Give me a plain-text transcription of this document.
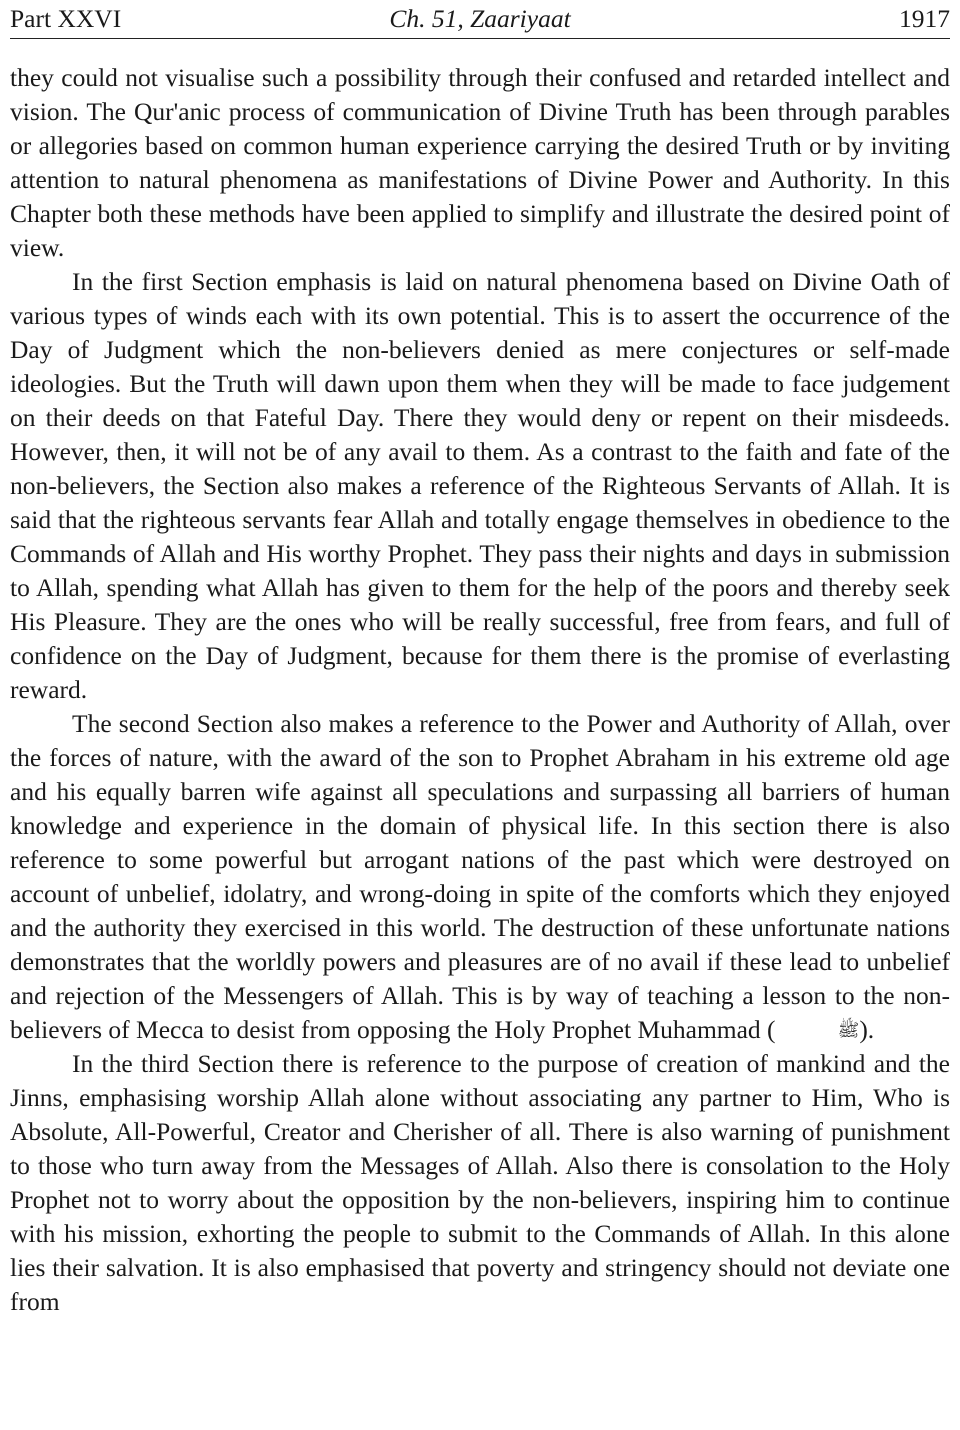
Part XXVI	Ch. 51, Zaariyaat	1917

they could not visualise such a possibility through their confused and retarded intellect and vision. The Qur'anic process of communication of Divine Truth has been through parables or allegories based on common human experience carrying the desired Truth or by inviting attention to natural phenomena as manifestations of Divine Power and Authority. In this Chapter both these methods have been applied to simplify and illustrate the desired point of view.

In the first Section emphasis is laid on natural phenomena based on Divine Oath of various types of winds each with its own potential. This is to assert the occurrence of the Day of Judgment which the non-believers denied as mere conjectures or self-made ideologies. But the Truth will dawn upon them when they will be made to face judgement on their deeds on that Fateful Day. There they would deny or repent on their misdeeds. However, then, it will not be of any avail to them. As a contrast to the faith and fate of the non-believers, the Section also makes a reference of the Righteous Servants of Allah. It is said that the righteous servants fear Allah and totally engage themselves in obedience to the Commands of Allah and His worthy Prophet. They pass their nights and days in submission to Allah, spending what Allah has given to them for the help of the poors and thereby seek His Pleasure. They are the ones who will be really successful, free from fears, and full of confidence on the Day of Judgment, because for them there is the promise of everlasting reward.

The second Section also makes a reference to the Power and Authority of Allah, over the forces of nature, with the award of the son to Prophet Abraham in his extreme old age and his equally barren wife against all speculations and surpassing all barriers of human knowledge and experience in the domain of physical life. In this section there is also reference to some powerful but arrogant nations of the past which were destroyed on account of unbelief, idolatry, and wrong-doing in spite of the comforts which they enjoyed and the authority they exercised in this world. The destruction of these unfortunate nations demonstrates that the worldly powers and pleasures are of no avail if these lead to unbelief and rejection of the Messengers of Allah. This is by way of teaching a lesson to the non-believers of Mecca to desist from opposing the Holy Prophet Muhammad (	ﷺ).

In the third Section there is reference to the purpose of creation of mankind and the Jinns, emphasising worship Allah alone without associating any partner to Him, Who is Absolute, All-Powerful, Creator and Cherisher of all. There is also warning of punishment to those who turn away from the Messages of Allah. Also there is consolation to the Holy Prophet not to worry about the opposition by the non-believers, inspiring him to continue with his mission, exhorting the people to submit to the Commands of Allah. In this alone lies their salvation. It is also emphasised that poverty and stringency should not deviate one from
